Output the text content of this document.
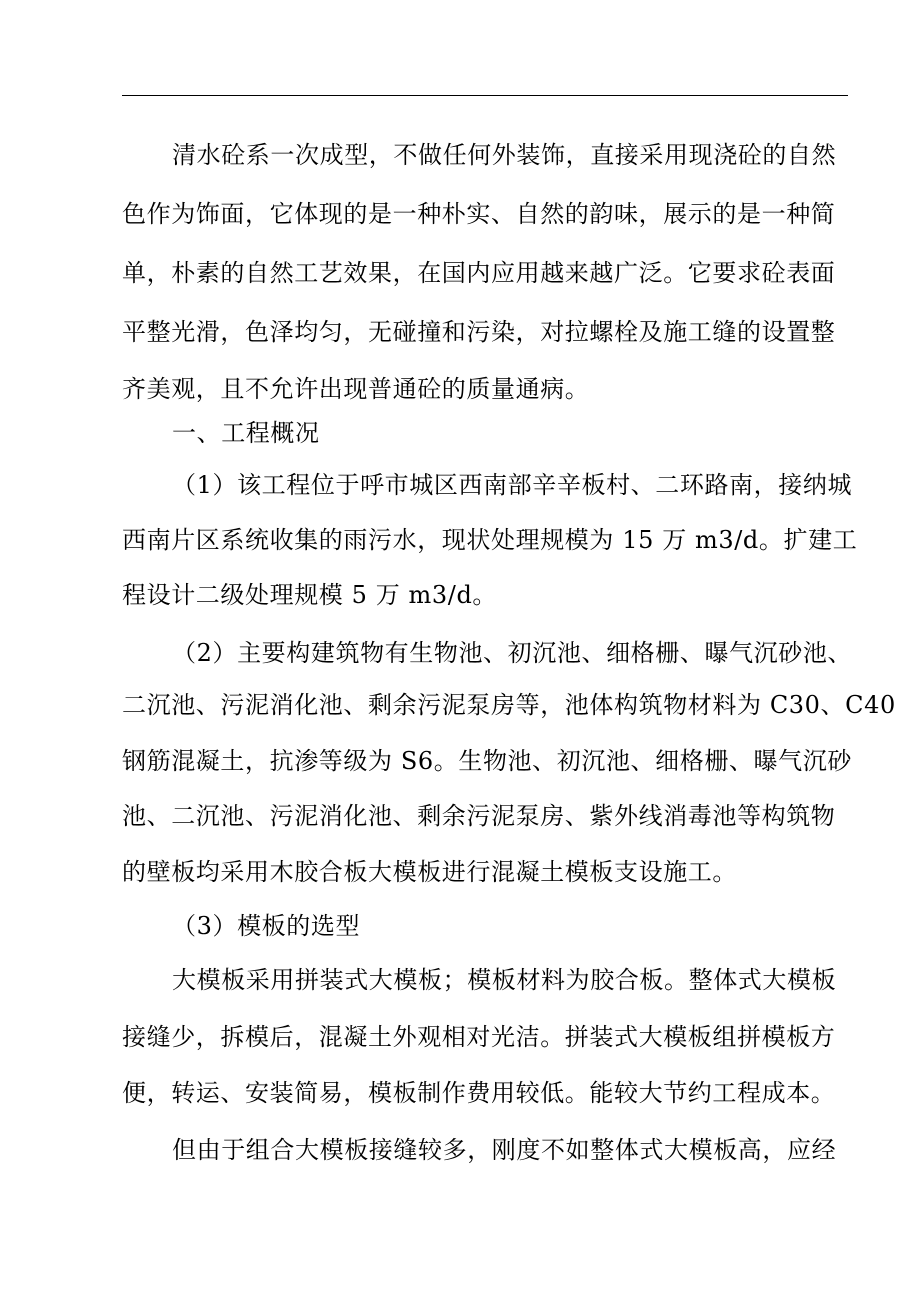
清水砼系一次成型，不做任何外装饰，直接采用现浇砼的自然
色作为饰面，它体现的是一种朴实、自然的韵味，展示的是一种简
单，朴素的自然工艺效果，在国内应用越来越广泛。它要求砼表面
平整光滑，色泽均匀，无碰撞和污染，对拉螺栓及施工缝的设置整
齐美观，且不允许出现普通砼的质量通病。
一、工程概况
（1）该工程位于呼市城区西南部辛辛板村、二环路南，接纳城
西南片区系统收集的雨污水，现状处理规模为 15 万 m3/d。扩建工
程设计二级处理规模 5 万 m3/d。
（2）主要构建筑物有生物池、初沉池、细格栅、曝气沉砂池、
二沉池、污泥消化池、剩余污泥泵房等，池体构筑物材料为 C30、C40
钢筋混凝土，抗渗等级为 S6。生物池、初沉池、细格栅、曝气沉砂
池、二沉池、污泥消化池、剩余污泥泵房、紫外线消毒池等构筑物
的壁板均采用木胶合板大模板进行混凝土模板支设施工。
（3）模板的选型
大模板采用拼装式大模板；模板材料为胶合板。整体式大模板
接缝少，拆模后，混凝土外观相对光洁。拼装式大模板组拼模板方
便，转运、安装简易，模板制作费用较低。能较大节约工程成本。
但由于组合大模板接缝较多，刚度不如整体式大模板高，应经
